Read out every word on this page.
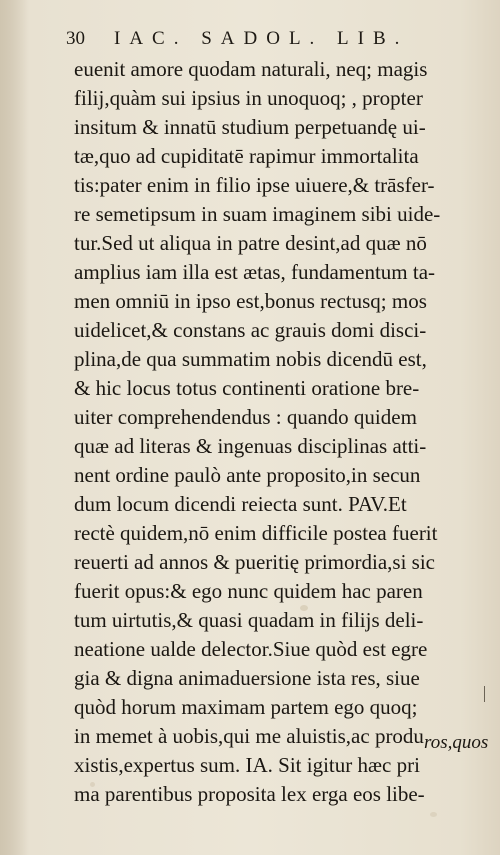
30 IAC. SADOL. LIB.
euenit amore quodam naturali, neq; magis
filij,quàm sui ipsius in unoquoq; , propter
insitum & innatū studium perpetuandę ui-
tæ,quo ad cupiditatē rapimur immortalita
tis:pater enim in filio ipse uiuere,& trāsfer-
re semetipsum in suam imaginem sibi uide-
tur.Sed ut aliqua in patre desint,ad quæ nō
amplius iam illa est ætas, fundamentum ta-
men omniū in ipso est,bonus rectusq; mos
uidelicet,& constans ac grauis domi disci-
plina,de qua summatim nobis dicendū est,
& hic locus totus continenti oratione bre-
uiter comprehendendus : quando quidem
quæ ad literas & ingenuas disciplinas atti-
nent ordine paulò ante proposito,in secun
dum locum dicendi reiecta sunt. PAV.Et
rectè quidem,nō enim difficile postea fuerit
reuerti ad annos & pueritię primordia,si sic
fuerit opus:& ego nunc quidem hac paren
tum uirtutis,& quasi quadam in filijs deli-
neatione ualde delector.Siue quòd est egre
gia & digna animaduersione ista res, siue
quòd horum maximam partem ego quoq;
in memet à uobis,qui me aluistis,ac produ
xistis,expertus sum. IA. Sit igitur hæc pri
ma parentibus proposita lex erga eos libe-
ros,quos
